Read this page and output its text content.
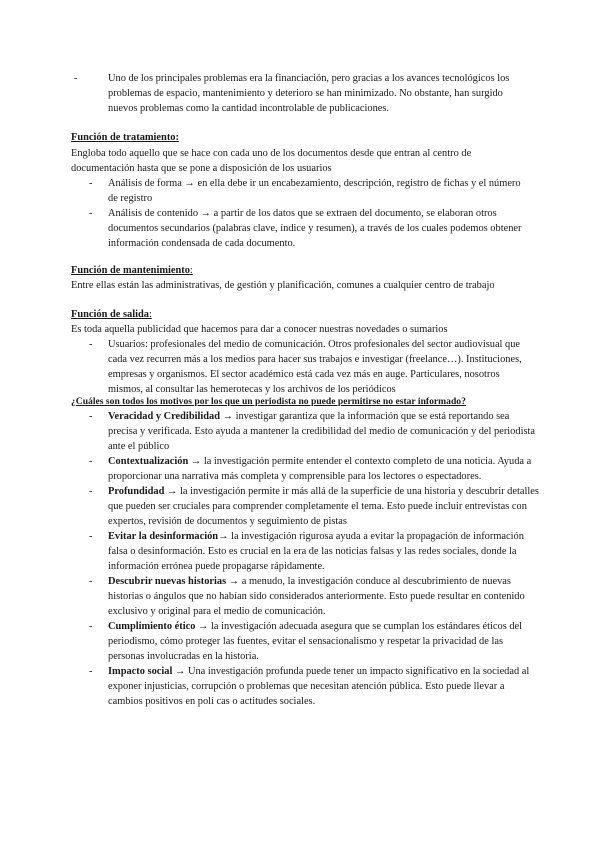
- Uno de los principales problemas era la financiación, pero gracias a los avances tecnológicos los problemas de espacio, mantenimiento y deterioro se han minimizado. No obstante, han surgido nuevos problemas como la cantidad incontrolable de publicaciones.
Función de tratamiento:

Engloba todo aquello que se hace con cada uno de los documentos desde que entran al centro de documentación hasta que se pone a disposición de los usuarios

- Análisis de forma → en ella debe ir un encabezamiento, descripción, registro de fichas y el número de registro
- Análisis de contenido → a partir de los datos que se extraen del documento, se elaboran otros documentos secundarios (palabras clave, índice y resumen), a través de los cuales podemos obtener información condensada de cada documento.
Función de mantenimiento:

Entre ellas están las administrativas, de gestión y planificación, comunes a cualquier centro de trabajo

Función de salida:

Es toda aquella publicidad que hacemos para dar a conocer nuestras novedades o sumarios

- Usuarios: profesionales del medio de comunicación. Otros profesionales del sector audiovisual que cada vez recurren más a los medios para hacer sus trabajos e investigar (freelance…). Instituciones, empresas y organismos. El sector académico está cada vez más en auge. Particulares, nosotros mismos, al consultar las hemerotecas y los archivos de los periódicos
¿Cuáles son todos los motivos por los que un periodista no puede permitirse no estar informado?
- Veracidad y Credibilidad → investigar garantiza que la información que se está reportando sea precisa y verificada. Esto ayuda a mantener la credibilidad del medio de comunicación y del periodista ante el público
- Contextualización → la investigación permite entender el contexto completo de una noticia. Ayuda a proporcionar una narrativa más completa y comprensible para los lectores o espectadores.
- Profundidad → la investigación permite ir más allá de la superficie de una historia y descubrir detalles que pueden ser cruciales para comprender completamente el tema. Esto puede incluir entrevistas con expertos, revisión de documentos y seguimiento de pistas
- Evitar la desinformación→ la investigación rigurosa ayuda a evitar la propagación de información falsa o desinformación. Esto es crucial en la era de las noticias falsas y las redes sociales, donde la información errónea puede propagarse rápidamente.
- Descubrir nuevas historias → a menudo, la investigación conduce al descubrimiento de nuevas historias o ángulos que no habían sido considerados anteriormente. Esto puede resultar en contenido exclusivo y original para el medio de comunicación.
- Cumplimiento ético → la investigación adecuada asegura que se cumplan los estándares éticos del periodismo, cómo proteger las fuentes, evitar el sensacionalismo y respetar la privacidad de las personas involucradas en la historia.
- Impacto social → Una investigación profunda puede tener un impacto significativo en la sociedad al exponer injusticias, corrupción o problemas que necesitan atención pública. Esto puede llevar a cambios positivos en polí cas o actitudes sociales.
